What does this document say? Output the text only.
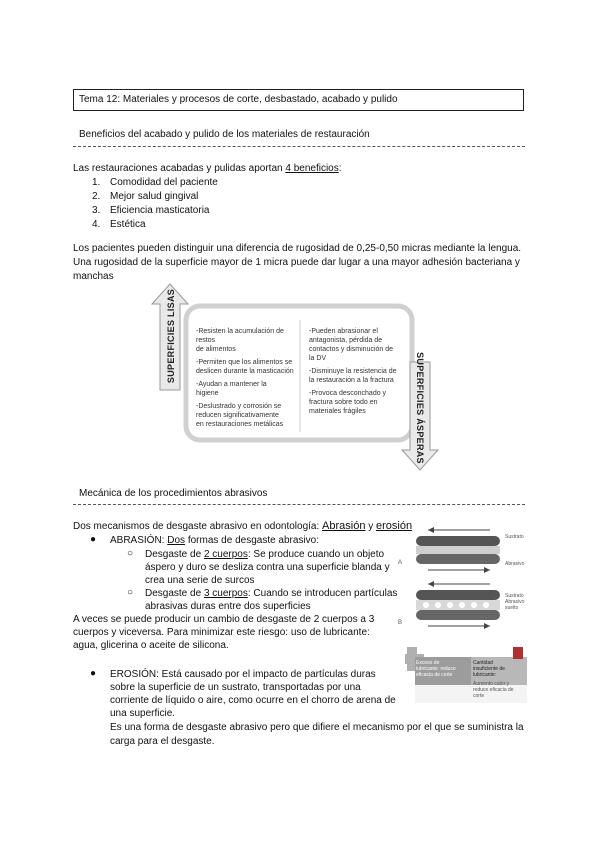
Tema 12: Materiales y procesos de corte, desbastado, acabado y pulido
Beneficios del acabado y pulido de los materiales de restauración
Las restauraciones acabadas y pulidas aportan 4 beneficios:
1. Comodidad del paciente
2. Mejor salud gingival
3. Eficiencia masticatoria
4. Estética
Los pacientes pueden distinguir una diferencia de rugosidad de 0,25-0,50 micras mediante la lengua.
Una rugosidad de la superficie mayor de 1 micra puede dar lugar a una mayor adhesión bacteriana y
manchas
SUPERFICIES LISAS
SUPERFICIES ÁSPERAS
-Resisten la acumulación de restos
de alimentos
-Permiten que los alimentos se
deslicen durante la masticación
-Ayudan a mantener la
higiene
-Deslustrado y corrosión se
reducen significativamente
en restauraciones metálicas
-Pueden abrasionar el
antagonista, pérdida de
contactos y disminución de
la DV
-Disminuye la resistencia de
la restauración a la fractura
-Provoca desconchado y
fractura sobre todo en
materiales frágiles
Mecánica de los procedimientos abrasivos
Dos mecanismos de desgaste abrasivo en odontología: Abrasión y erosión
● ABRASIÓN: Dos formas de desgaste abrasivo:
○ Desgaste de 2 cuerpos: Se produce cuando un objeto
áspero y duro se desliza contra una superficie blanda y
crea una serie de surcos
○ Desgaste de 3 cuerpos: Cuando se introducen partículas
abrasivas duras entre dos superficies
A veces se puede producir un cambio de desgaste de 2 cuerpos a 3
cuerpos y viceversa. Para minimizar este riesgo: uso de lubricante:
agua, glicerina o aceite de silicona.
A
B
Sustrato
Abrasivo
Sustrato
Abrasivo
suelto
Exceso de
lubricante: reduce
eficacia de corte
Cantidad
insuficiente de
lubricante:
Aumento calor y
reduce eficacia de
corte
● EROSIÓN: Está causado por el impacto de partículas duras
sobre la superficie de un sustrato, transportadas por una
corriente de líquido o aire, como ocurre en el chorro de arena de
una superficie.
Es una forma de desgaste abrasivo pero que difiere el mecanismo por el que se suministra la
carga para el desgaste.
